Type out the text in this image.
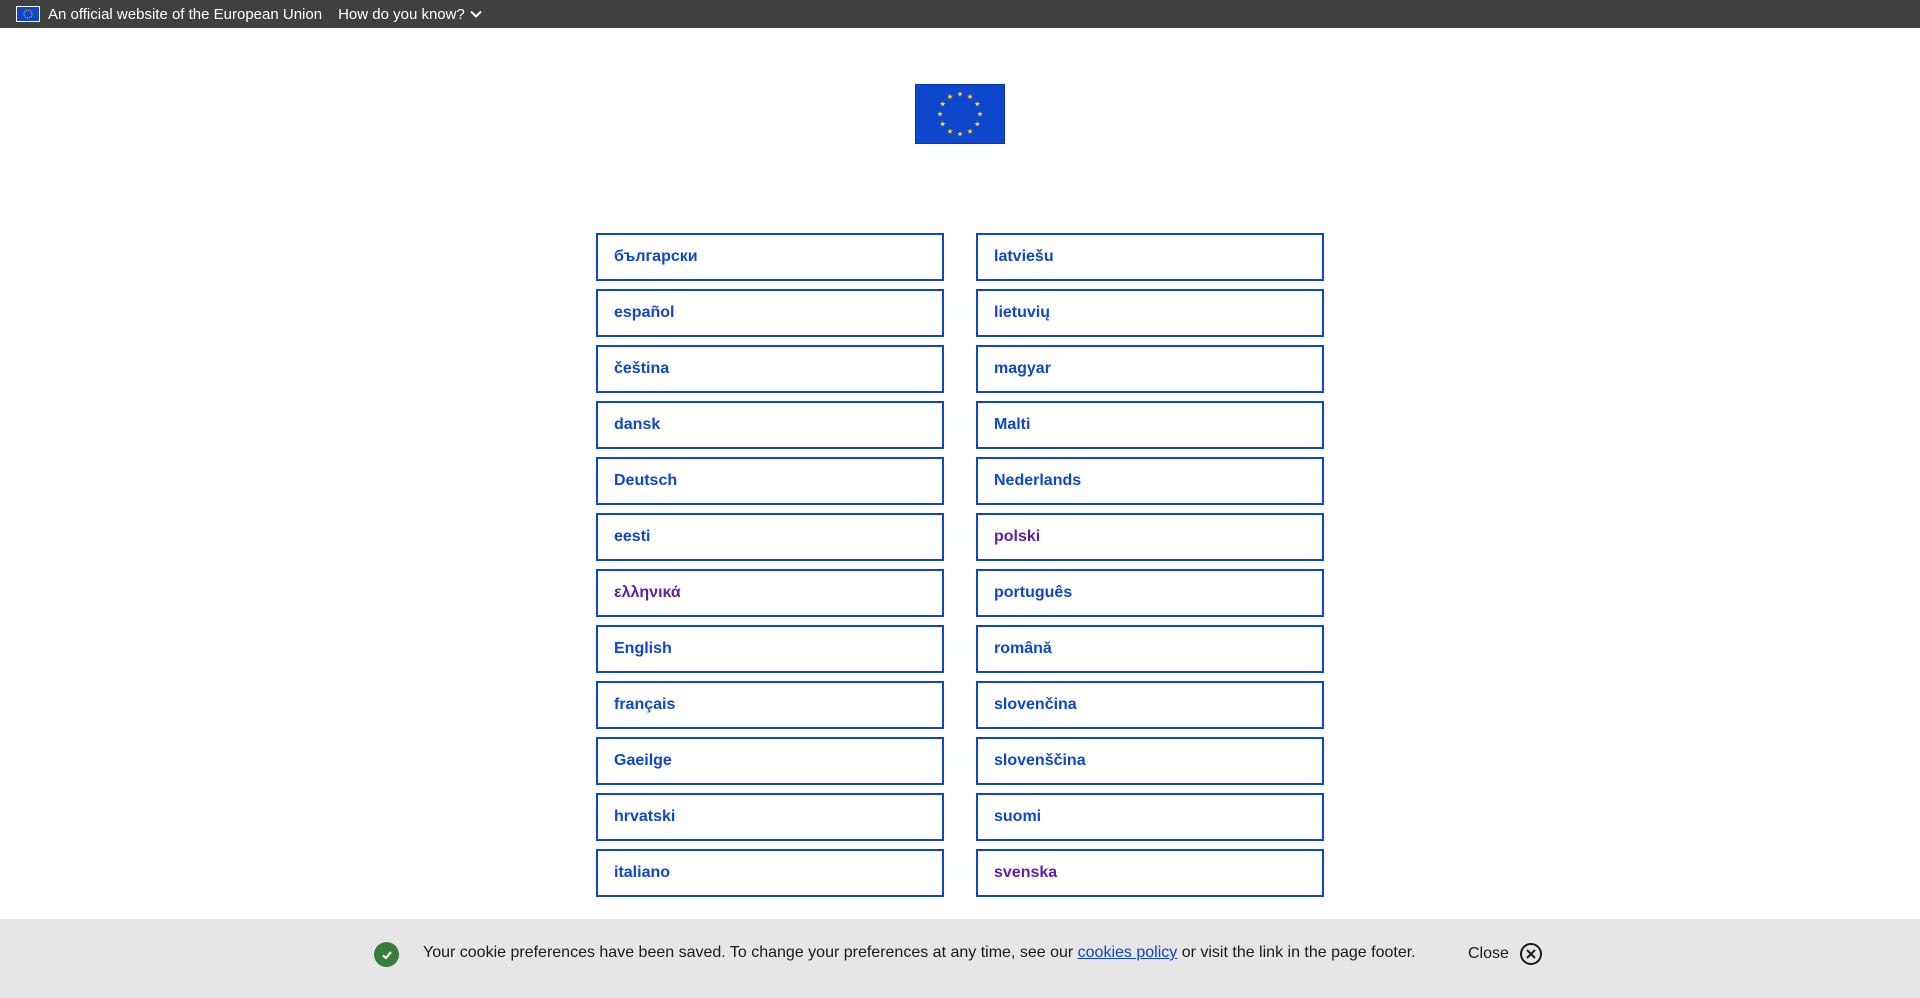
An official website of the European Union How do you know?
български
español
čeština
dansk
Deutsch
eesti
ελληνικά
English
français
Gaeilge
hrvatski
italiano
latviešu
lietuvių
magyar
Malti
Nederlands
polski
português
română
slovenčina
slovenščina
suomi
svenska
Your cookie preferences have been saved. To change your preferences at any time, see our cookies policy or visit the link in the page footer.	Close
